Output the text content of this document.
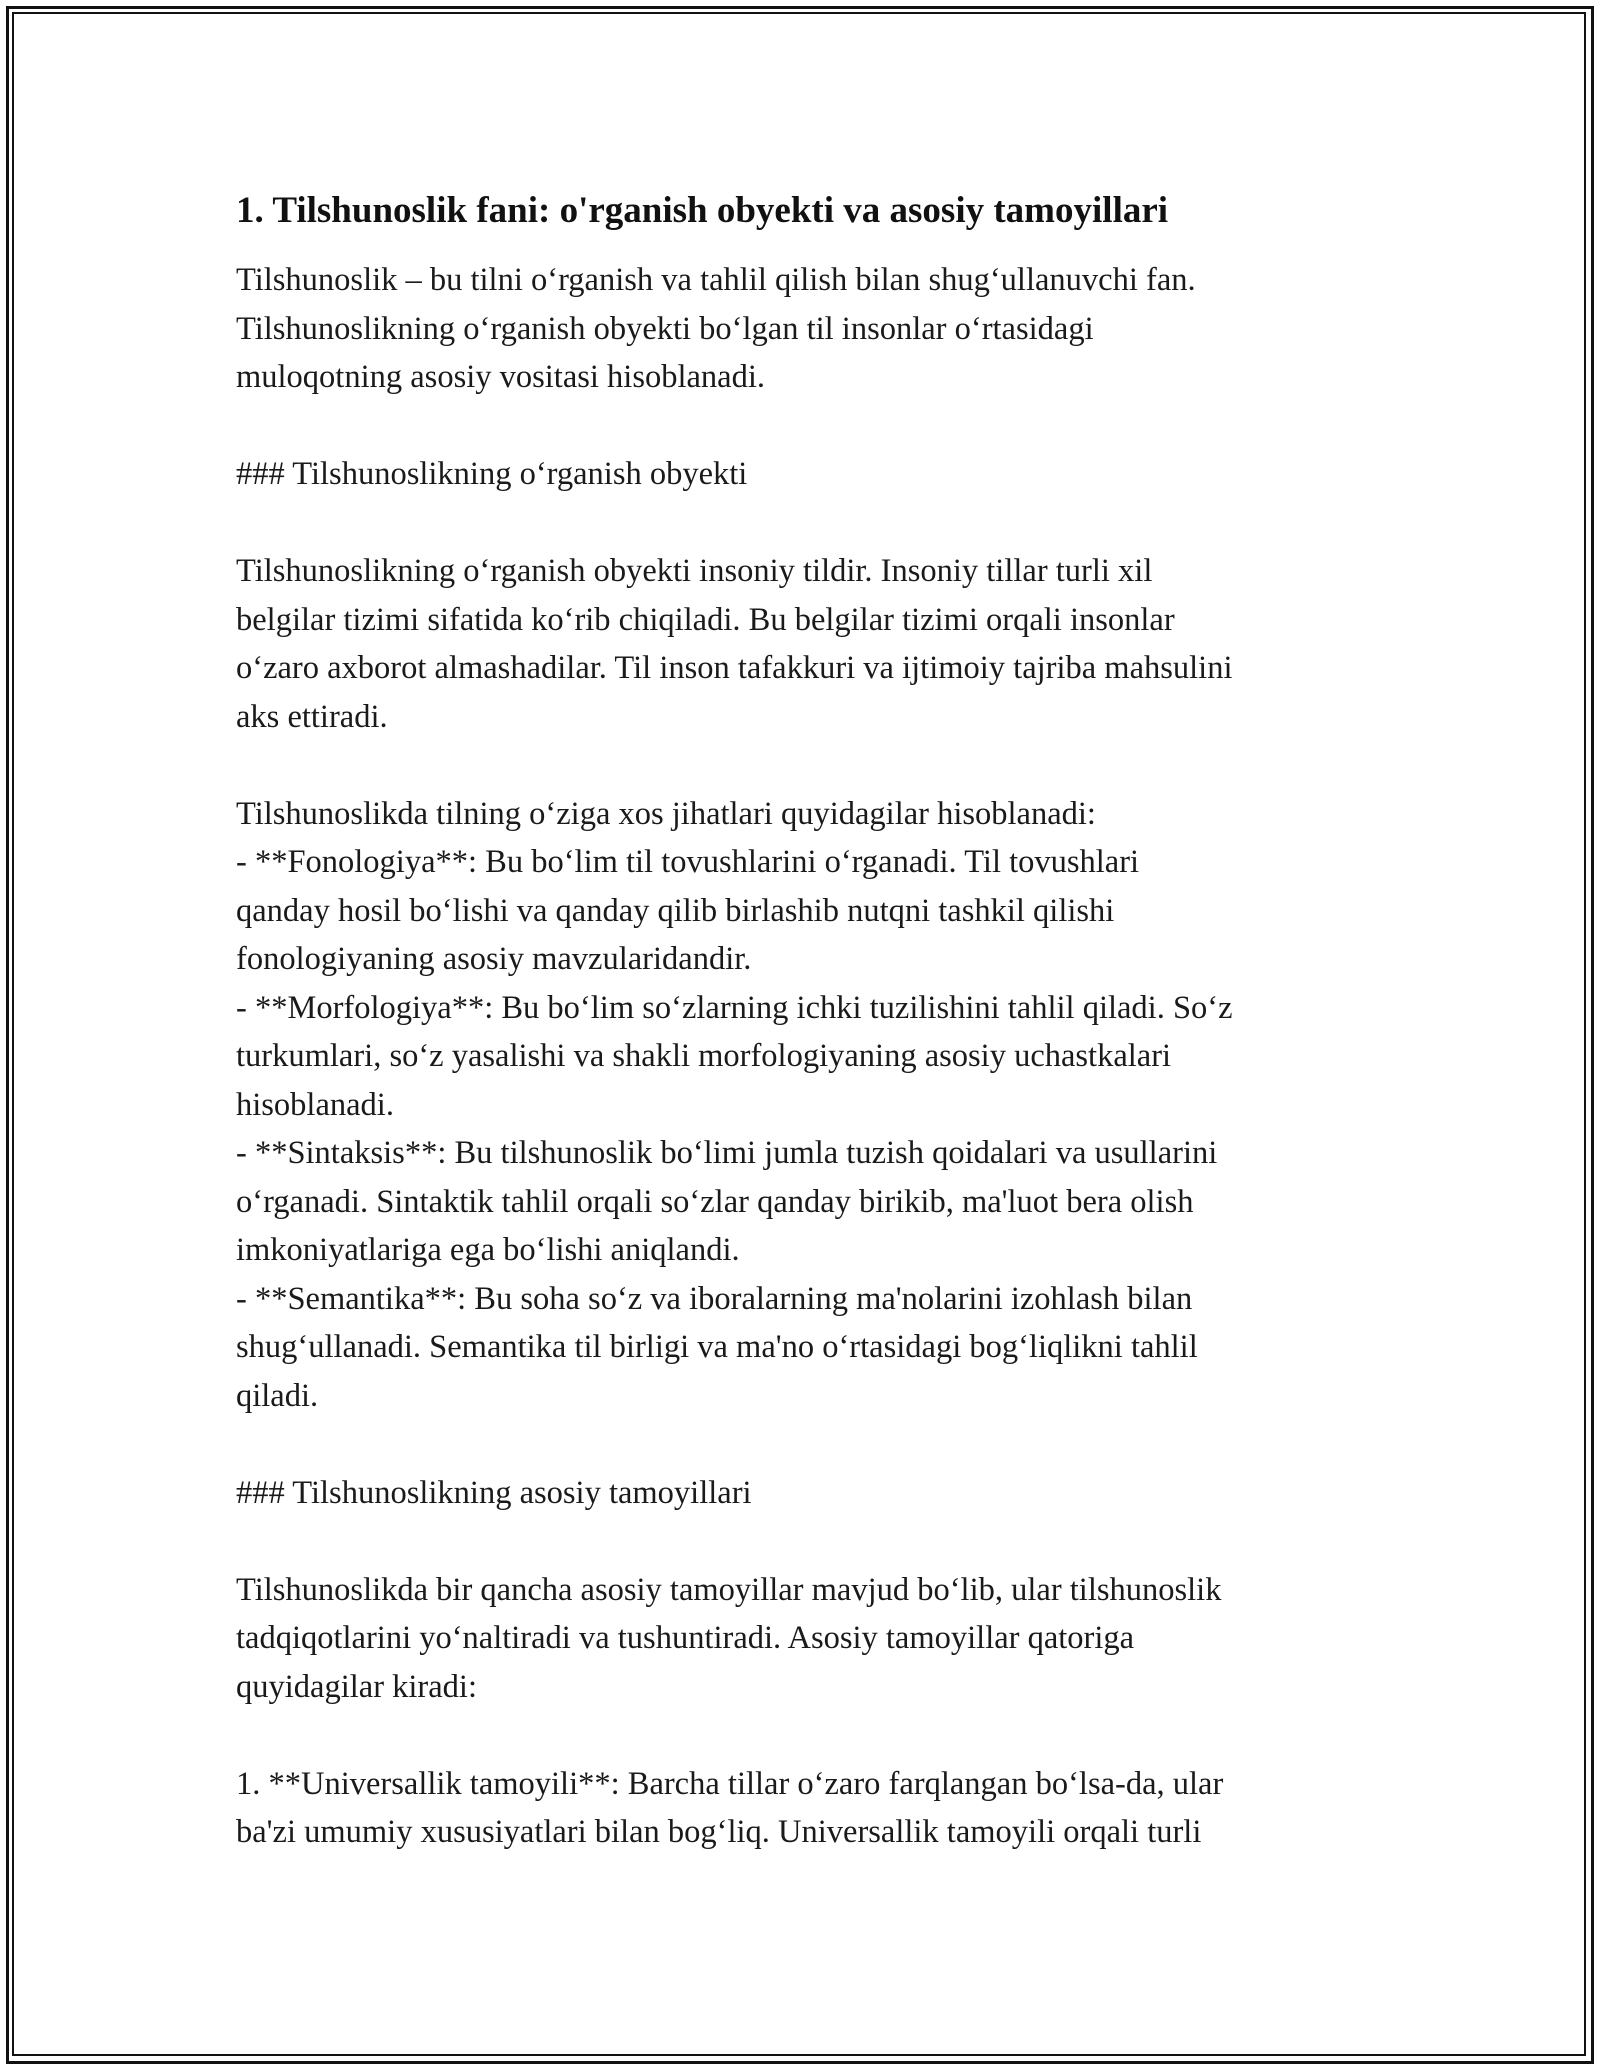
1. Tilshunoslik fani: o'rganish obyekti va asosiy tamoyillari

Tilshunoslik – bu tilni o‘rganish va tahlil qilish bilan shug‘ullanuvchi fan.
Tilshunoslikning o‘rganish obyekti bo‘lgan til insonlar o‘rtasidagi
muloqotning asosiy vositasi hisoblanadi.

### Tilshunoslikning o‘rganish obyekti

Tilshunoslikning o‘rganish obyekti insoniy tildir. Insoniy tillar turli xil
belgilar tizimi sifatida ko‘rib chiqiladi. Bu belgilar tizimi orqali insonlar
o‘zaro axborot almashadilar. Til inson tafakkuri va ijtimoiy tajriba mahsulini
aks ettiradi.

Tilshunoslikda tilning o‘ziga xos jihatlari quyidagilar hisoblanadi:
- **Fonologiya**: Bu bo‘lim til tovushlarini o‘rganadi. Til tovushlari
qanday hosil bo‘lishi va qanday qilib birlashib nutqni tashkil qilishi
fonologiyaning asosiy mavzularidandir.
- **Morfologiya**: Bu bo‘lim so‘zlarning ichki tuzilishini tahlil qiladi. So‘z
turkumlari, so‘z yasalishi va shakli morfologiyaning asosiy uchastkalari
hisoblanadi.
- **Sintaksis**: Bu tilshunoslik bo‘limi jumla tuzish qoidalari va usullarini
o‘rganadi. Sintaktik tahlil orqali so‘zlar qanday birikib, ma'luot bera olish
imkoniyatlariga ega bo‘lishi aniqlandi.
- **Semantika**: Bu soha so‘z va iboralarning ma'nolarini izohlash bilan
shug‘ullanadi. Semantika til birligi va ma'no o‘rtasidagi bog‘liqlikni tahlil
qiladi.

### Tilshunoslikning asosiy tamoyillari

Tilshunoslikda bir qancha asosiy tamoyillar mavjud bo‘lib, ular tilshunoslik
tadqiqotlarini yo‘naltiradi va tushuntiradi. Asosiy tamoyillar qatoriga
quyidagilar kiradi:

1. **Universallik tamoyili**: Barcha tillar o‘zaro farqlangan bo‘lsa-da, ular
ba'zi umumiy xususiyatlari bilan bog‘liq. Universallik tamoyili orqali turli
